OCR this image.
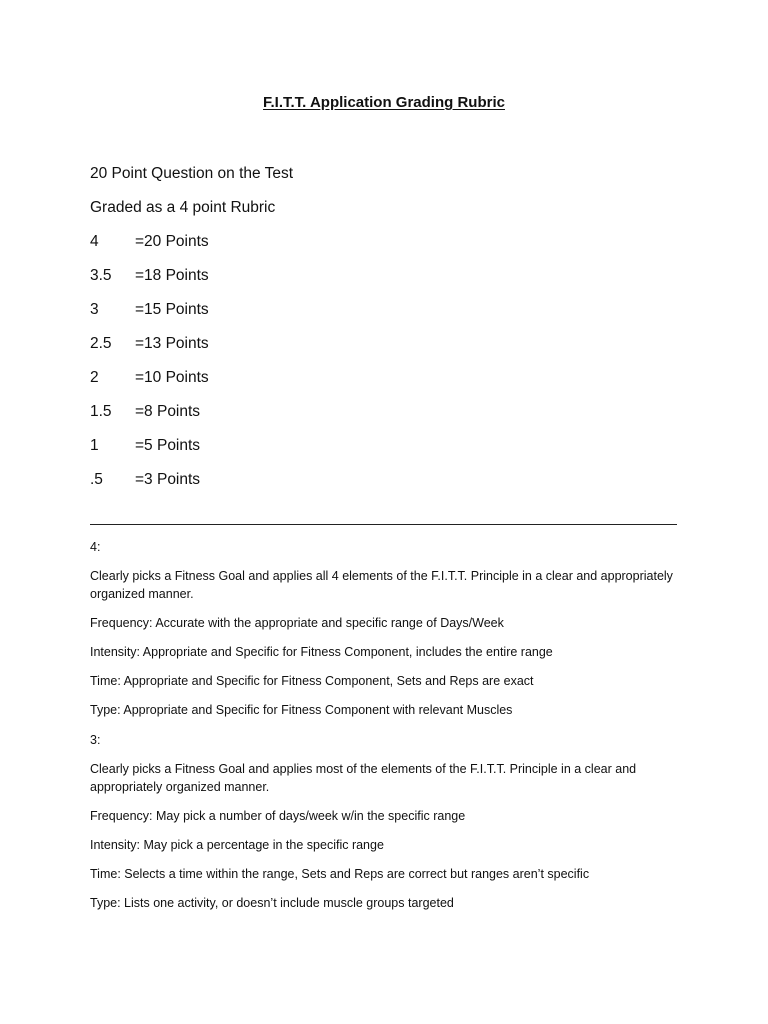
F.I.T.T. Application Grading Rubric
20 Point Question on the Test
Graded as a 4 point Rubric
4 =20 Points
3.5 =18 Points
3 =15 Points
2.5 =13 Points
2 =10 Points
1.5 =8 Points
1 =5 Points
.5 =3 Points
4:
Clearly picks a Fitness Goal and applies all 4 elements of the F.I.T.T. Principle in a clear and appropriately organized manner.
Frequency: Accurate with the appropriate and specific range of Days/Week
Intensity: Appropriate and Specific for Fitness Component, includes the entire range
Time: Appropriate and Specific for Fitness Component, Sets and Reps are exact
Type: Appropriate and Specific for Fitness Component with relevant Muscles
3:
Clearly picks a Fitness Goal and applies most of the elements of the F.I.T.T. Principle in a clear and appropriately organized manner.
Frequency: May pick a number of days/week w/in the specific range
Intensity: May pick a percentage in the specific range
Time: Selects a time within the range, Sets and Reps are correct but ranges aren’t specific
Type: Lists one activity, or doesn’t include muscle groups targeted
